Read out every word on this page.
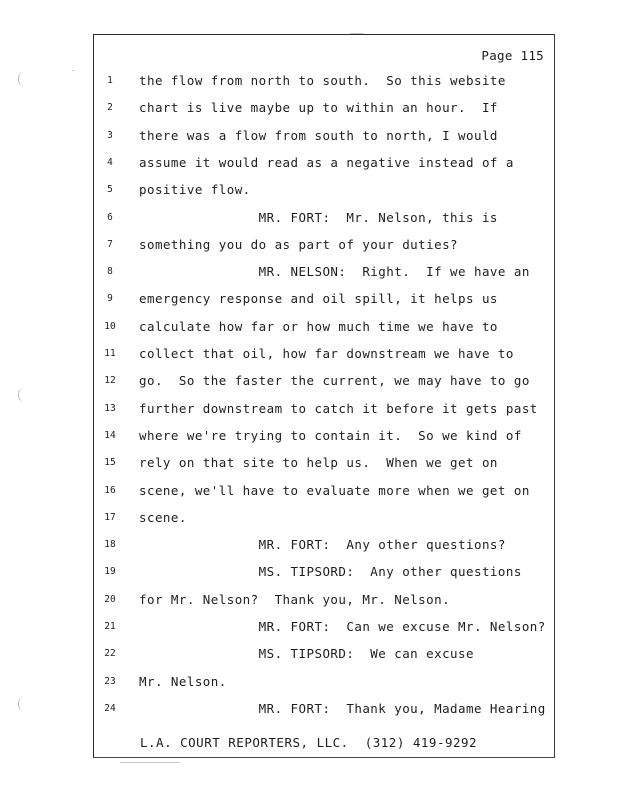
Page 115
1	the flow from north to south.  So this website
2	chart is live maybe up to within an hour.  If
3	there was a flow from south to north, I would
4	assume it would read as a negative instead of a
5	positive flow.
6	MR. FORT:  Mr. Nelson, this is
7	something you do as part of your duties?
8	MR. NELSON:  Right.  If we have an
9	emergency response and oil spill, it helps us
10 calculate how far or how much time we have to
11 collect that oil, how far downstream we have to
12 go.  So the faster the current, we may have to go
13 further downstream to catch it before it gets past
14 where we're trying to contain it.  So we kind of
15 rely on that site to help us.  When we get on
16 scene, we'll have to evaluate more when we get on
17 scene.
18 MR. FORT:  Any other questions?
19 MS. TIPSORD:  Any other questions
20 for Mr. Nelson?  Thank you, Mr. Nelson.
21 MR. FORT:  Can we excuse Mr. Nelson?
22 MS. TIPSORD:  We can excuse
23 Mr. Nelson.
24 MR. FORT:  Thank you, Madame Hearing
L.A. COURT REPORTERS, LLC.  (312) 419-9292
